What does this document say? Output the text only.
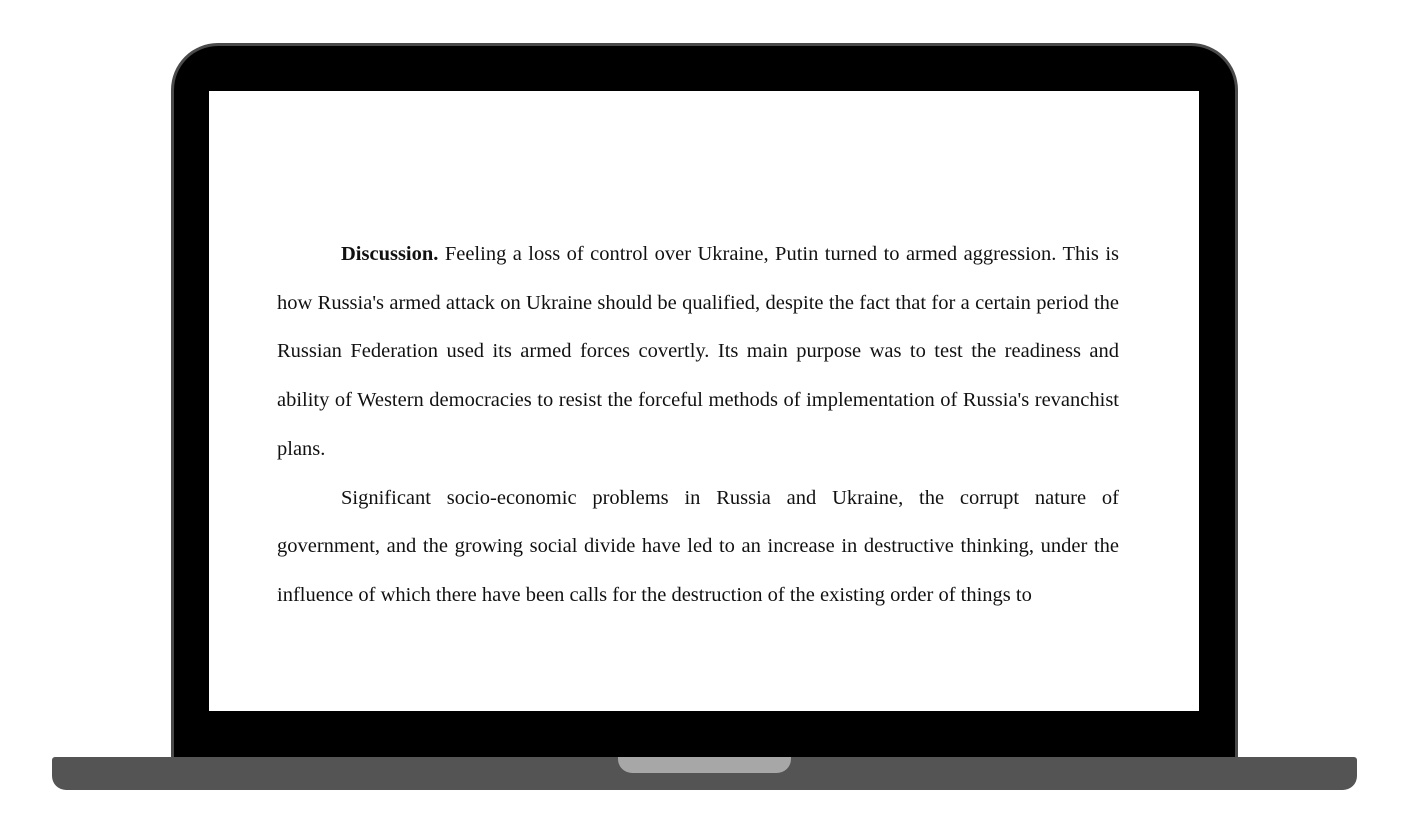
Discussion. Feeling a loss of control over Ukraine, Putin turned to armed aggression. This is how Russia's armed attack on Ukraine should be qualified, despite the fact that for a certain period the Russian Federation used its armed forces covertly. Its main purpose was to test the readiness and ability of Western democracies to resist the forceful methods of implementation of Russia's revanchist plans.

Significant socio-economic problems in Russia and Ukraine, the corrupt nature of government, and the growing social divide have led to an increase in destructive thinking, under the influence of which there have been calls for the destruction of the existing order of things to
